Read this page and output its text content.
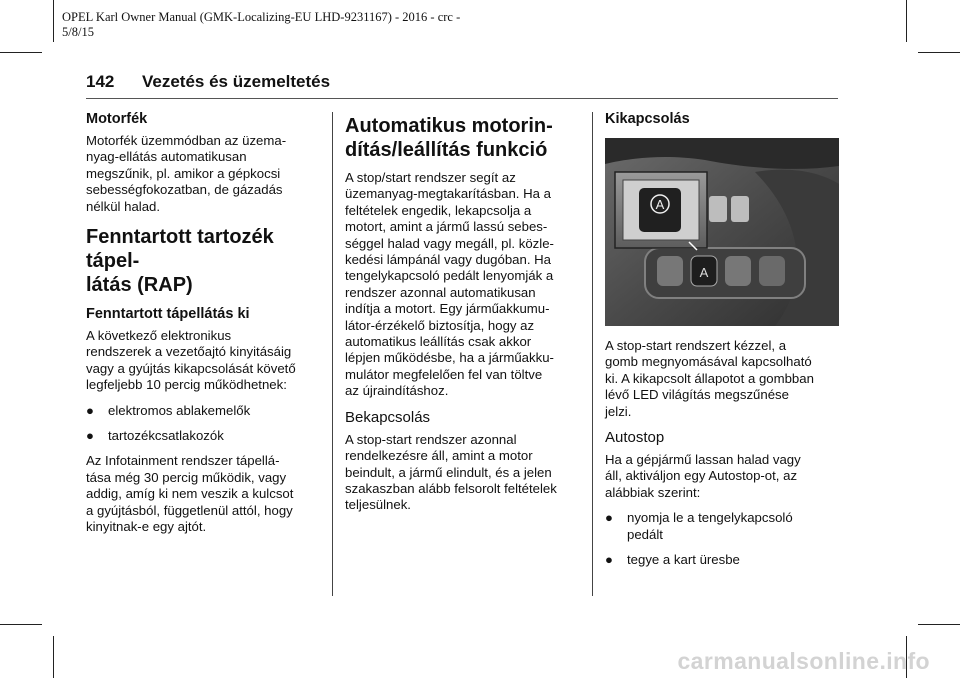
OPEL Karl Owner Manual (GMK-Localizing-EU LHD-9231167) - 2016 - crc -
5/8/15
142 Vezetés és üzemeltetés
Motorfék

Motorfék üzemmódban az üzema-
nyag-ellátás automatikusan
megszűnik, pl. amikor a gépkocsi
sebességfokozatban, de gázadás
nélkül halad.

Fenntartott tartozék tápel-
látás (RAP)
Fenntartott tápellátás ki

A következő elektronikus
rendszerek a vezetőajtó kinyitásáig
vagy a gyújtás kikapcsolását követő
legfeljebb 10 percig működhetnek:

● elektromos ablakemelők
● tartozékcsatlakozók

Az Infotainment rendszer tápellá-
tása még 30 percig működik, vagy
addig, amíg ki nem veszik a kulcsot
a gyújtásból, függetlenül attól, hogy
kinyitnak-e egy ajtót.

Automatikus motorin-
dítás/leállítás funkció

A stop/start rendszer segít az
üzemanyag-megtakarításban. Ha a
feltételek engedik, lekapcsolja a
motort, amint a jármű lassú sebes-
séggel halad vagy megáll, pl. közle-
kedési lámpánál vagy dugóban. Ha
tengelykapcsoló pedált lenyomják a
rendszer azonnal automatikusan
indítja a motort. Egy járműakkumu-
látor-érzékelő biztosítja, hogy az
automatikus leállítás csak akkor
lépjen működésbe, ha a járműakku-
mulátor megfelelően fel van töltve
az újraindításhoz.

Bekapcsolás

A stop-start rendszer azonnal
rendelkezésre áll, amint a motor
beindult, a jármű elindult, és a jelen
szakaszban alább felsorolt feltételek
teljesülnek.

Kikapcsolás
A
A

A stop-start rendszert kézzel, a
gomb megnyomásával kapcsolható
ki. A kikapcsolt állapotot a gombban
lévő LED világítás megszűnése
jelzi.

Autostop

Ha a gépjármű lassan halad vagy
áll, aktiváljon egy Autostop-ot, az
alábbiak szerint:

● nyomja le a tengelykapcsoló
pedált
● tegye a kart üresbe
carmanualsonline.info
